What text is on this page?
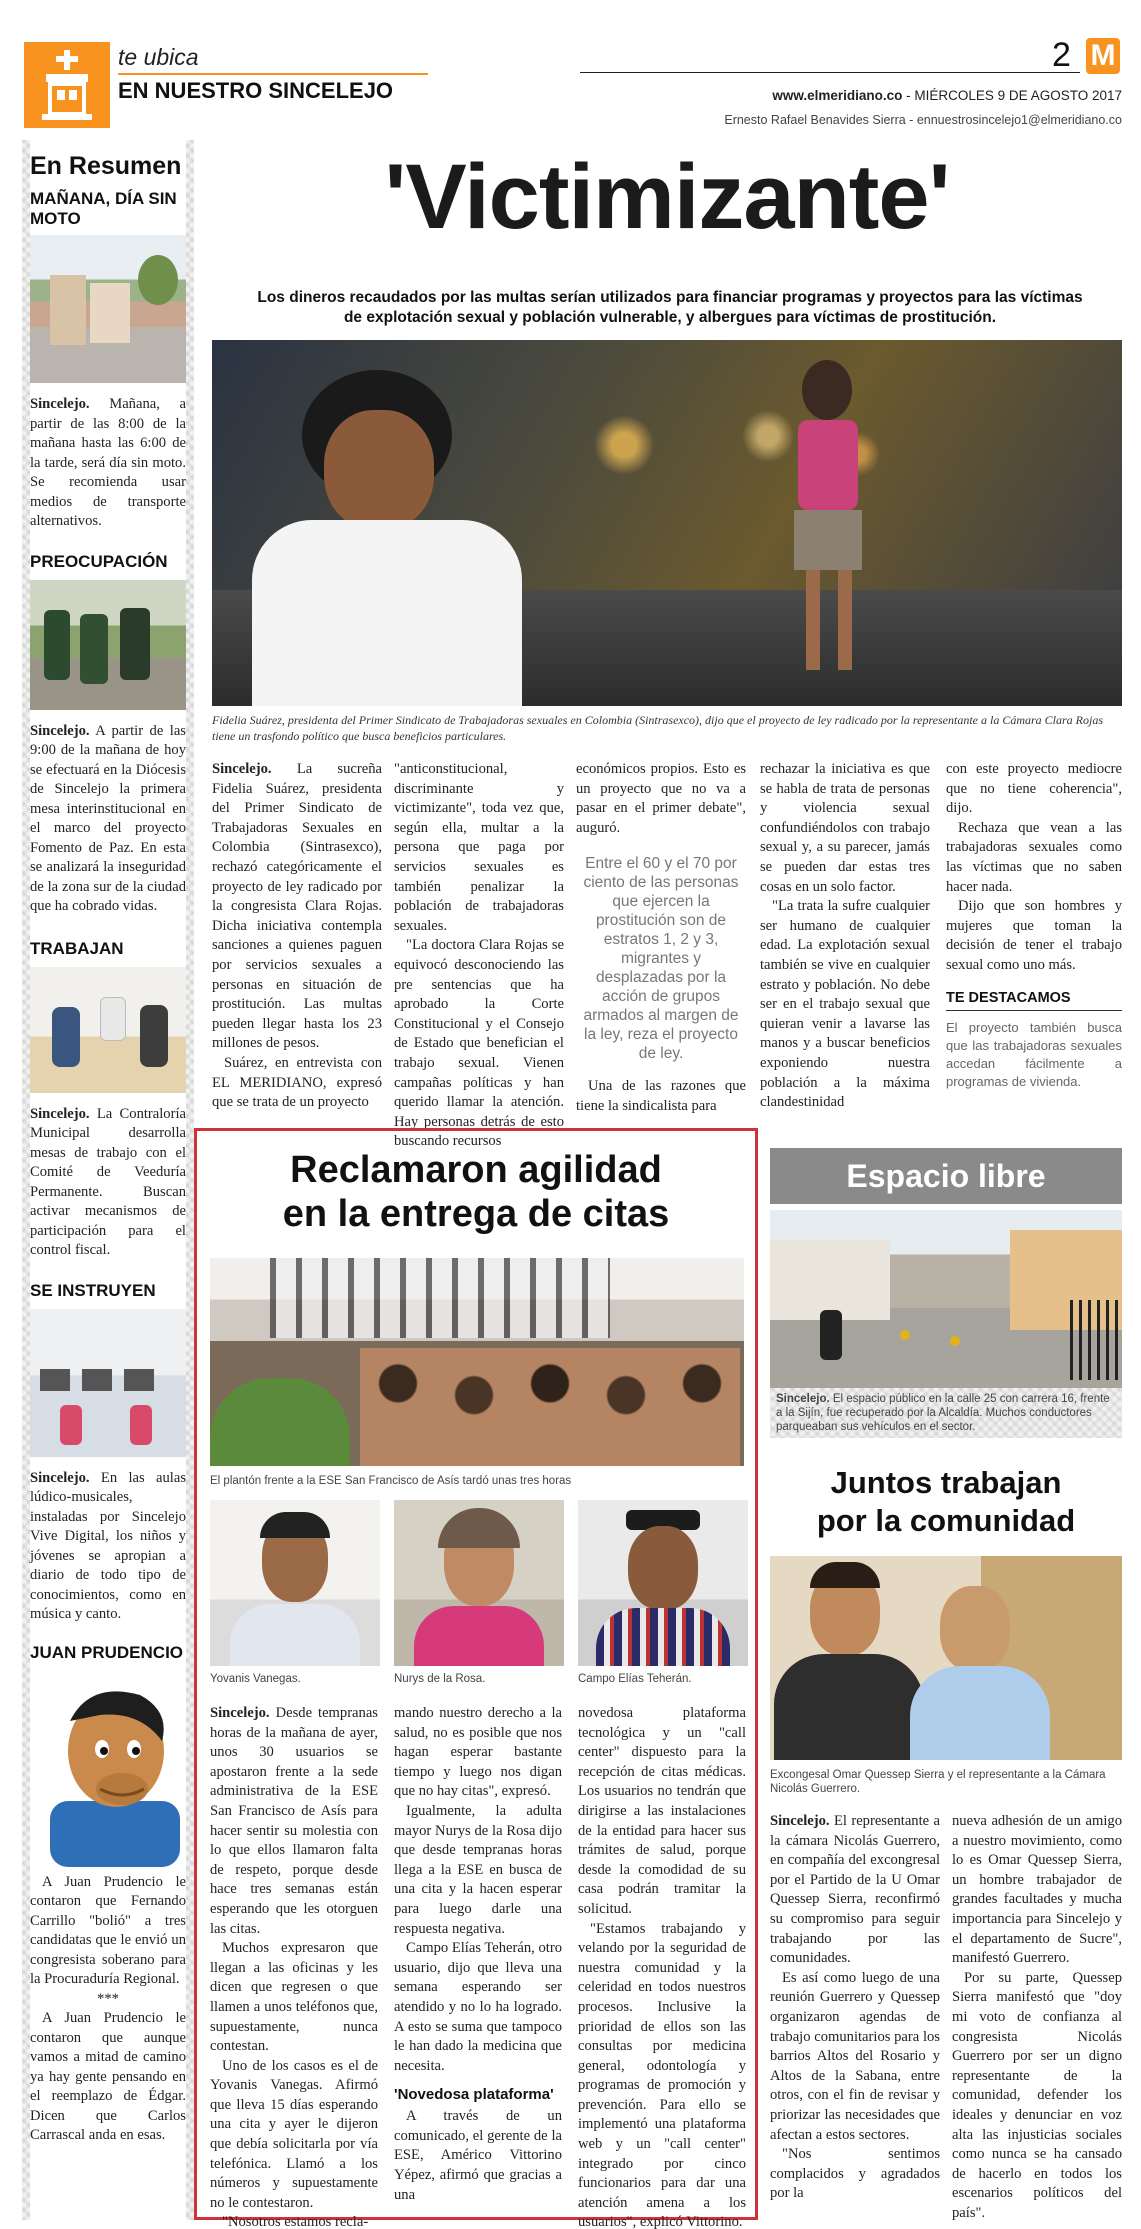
te ubica
EN NUESTRO SINCELEJO
2 M
www.elmeridiano.co - MIÉRCOLES 9 DE AGOSTO 2017
Ernesto Rafael Benavides Sierra - ennuestrosincelejo1@elmeridiano.co
En Resumen
MAÑANA, DÍA SIN MOTO
Sincelejo. Mañana, a partir de las 8:00 de la mañana hasta las 6:00 de la tarde, será día sin moto. Se recomienda usar medios de transporte alternativos.
PREOCUPACIÓN
Sincelejo. A partir de las 9:00 de la mañana de hoy se efectuará en la Diócesis de Sincelejo la primera mesa interinstitucional en el marco del proyecto Fomento de Paz. En esta se analizará la inseguridad de la zona sur de la ciudad que ha cobrado vidas.
TRABAJAN
Sincelejo. La Contraloría Municipal desarrolla mesas de trabajo con el Comité de Veeduría Permanente. Buscan activar mecanismos de participación para el control fiscal.
SE INSTRUYEN
Sincelejo. En las aulas lúdico-musicales, instaladas por Sincelejo Vive Digital, los niños y jóvenes se apropian a diario de todo tipo de conocimientos, como en música y canto.
JUAN PRUDENCIO
A Juan Prudencio le contaron que Fernando Carrillo "bolió" a tres candidatas que le envió un congresista soberano para la Procuraduría Regional.
***
A Juan Prudencio le contaron que aunque vamos a mitad de camino ya hay gente pensando en el reemplazo de Édgar. Dicen que Carlos Carrascal anda en esas.
'Victimizante'
Los dineros recaudados por las multas serían utilizados para financiar programas y proyectos para las víctimas de explotación sexual y población vulnerable, y albergues para víctimas de prostitución.
Fidelia Suárez, presidenta del Primer Sindicato de Trabajadoras sexuales en Colombia (Sintrasexco), dijo que el proyecto de ley radicado por la representante a la Cámara Clara Rojas tiene un trasfondo político que busca beneficios particulares.

Sincelejo. La sucreña Fidelia Suárez, presidenta del Primer Sindicato de Trabajadoras Sexuales en Colombia (Sintrasexco), rechazó categóricamente el proyecto de ley radicado por la congresista Clara Rojas. Dicha iniciativa contempla sanciones a quienes paguen por servicios sexuales a personas en situación de prostitución. Las multas pueden llegar hasta los 23 millones de pesos.

Suárez, en entrevista con EL MERIDIANO, expresó que se trata de un proyecto

"anticonstitucional, discriminante y victimizante", toda vez que, según ella, multar a la persona que paga por servicios sexuales es también penalizar la población de trabajadoras sexuales.

"La doctora Clara Rojas se equivocó desconociendo las pre sentencias que ha aprobado la Corte Constitucional y el Consejo de Estado que benefician el trabajo sexual. Vienen campañas políticas y han querido llamar la atención. Hay personas detrás de esto buscando recursos

económicos propios. Esto es un proyecto que no va a pasar en el primer debate", auguró.
Entre el 60 y el 70 por ciento de las personas que ejercen la prostitución son de estratos 1, 2 y 3, migrantes y desplazadas por la acción de grupos armados al margen de la ley, reza el proyecto de ley.
Una de las razones que tiene la sindicalista para

rechazar la iniciativa es que se habla de trata de personas y violencia sexual confundiéndolos con trabajo sexual y, a su parecer, jamás se pueden dar estas tres cosas en un solo factor.

"La trata la sufre cualquier ser humano de cualquier edad. La explotación sexual también se vive en cualquier estrato y población. No debe ser en el trabajo sexual que quieran venir a lavarse las manos y a buscar beneficios exponiendo nuestra población a la máxima clandestinidad

con este proyecto mediocre que no tiene coherencia", dijo.

Rechaza que vean a las trabajadoras sexuales como las víctimas que no saben hacer nada.

Dijo que son hombres y mujeres que toman la decisión de tener el trabajo sexual como uno más.

TE DESTACAMOS
El proyecto también busca que las trabajadoras sexuales accedan fácilmente a programas de vivienda.
Reclamaron agilidad
en la entrega de citas
El plantón frente a la ESE San Francisco de Asís tardó unas tres horas
Yovanis Vanegas.	Nurys de la Rosa.	Campo Elías Teherán.

Sincelejo. Desde tempranas horas de la mañana de ayer, unos 30 usuarios se apostaron frente a la sede administrativa de la ESE San Francisco de Asís para hacer sentir su molestia con lo que ellos llamaron falta de respeto, porque desde hace tres semanas están esperando que les otorguen las citas.

Muchos expresaron que llegan a las oficinas y les dicen que regresen o que llamen a unos teléfonos que, supuestamente, nunca contestan.

Uno de los casos es el de Yovanis Vanegas. Afirmó que lleva 15 días esperando una cita y ayer le dijeron que debía solicitarla por vía telefónica. Llamó a los números y supuestamente no le contestaron.

"Nosotros estamos recla-

mando nuestro derecho a la salud, no es posible que nos hagan esperar bastante tiempo y luego nos digan que no hay citas", expresó.

Igualmente, la adulta mayor Nurys de la Rosa dijo que desde tempranas horas llega a la ESE en busca de una cita y la hacen esperar para luego darle una respuesta negativa.

Campo Elías Teherán, otro usuario, dijo que lleva una semana esperando ser atendido y no lo ha logrado. A esto se suma que tampoco le han dado la medicina que necesita.

'Novedosa plataforma'
A través de un comunicado, el gerente de la ESE, Américo Vittorino Yépez, afirmó que gracias a una

novedosa plataforma tecnológica y un "call center" dispuesto para la recepción de citas médicas. Los usuarios no tendrán que dirigirse a las instalaciones de la entidad para hacer sus trámites de salud, porque desde la comodidad de su casa podrán tramitar la solicitud.

"Estamos trabajando y velando por la seguridad de nuestra comunidad y la celeridad en todos nuestros procesos. Inclusive la prioridad de ellos son las consultas por medicina general, odontología y programas de promoción y prevención. Para ello se implementó una plataforma web y un "call center" integrado por cinco funcionarios para dar una atención amena a los usuarios", explicó Vittorino.

Espacio libre
Sincelejo. El espacio público en la calle 25 con carrera 16, frente a la Sijín, fue recuperado por la Alcaldía. Muchos conductores parqueaban sus vehículos en el sector.
Juntos trabajan
por la comunidad
Excongesal Omar Quessep Sierra y el representante a la Cámara Nicolás Guerrero.

Sincelejo. El representante a la cámara Nicolás Guerrero, en compañía del excongresal por el Partido de la U Omar Quessep Sierra, reconfirmó su compromiso para seguir trabajando por las comunidades.

Es así como luego de una reunión Guerrero y Quessep organizaron agendas de trabajo comunitarios para los barrios Altos del Rosario y Altos de la Sabana, entre otros, con el fin de revisar y priorizar las necesidades que afectan a estos sectores.

"Nos sentimos complacidos y agradados por la

nueva adhesión de un amigo a nuestro movimiento, como lo es Omar Quessep Sierra, un hombre trabajador de grandes facultades y mucha importancia para Sincelejo y el departamento de Sucre", manifestó Guerrero.

Por su parte, Quessep Sierra manifestó que "doy mi voto de confianza al congresista Nicolás Guerrero por ser un digno representante de la comunidad, defender los ideales y denunciar en voz alta las injusticias sociales como nunca se ha cansado de hacerlo en todos los escenarios políticos del país".
